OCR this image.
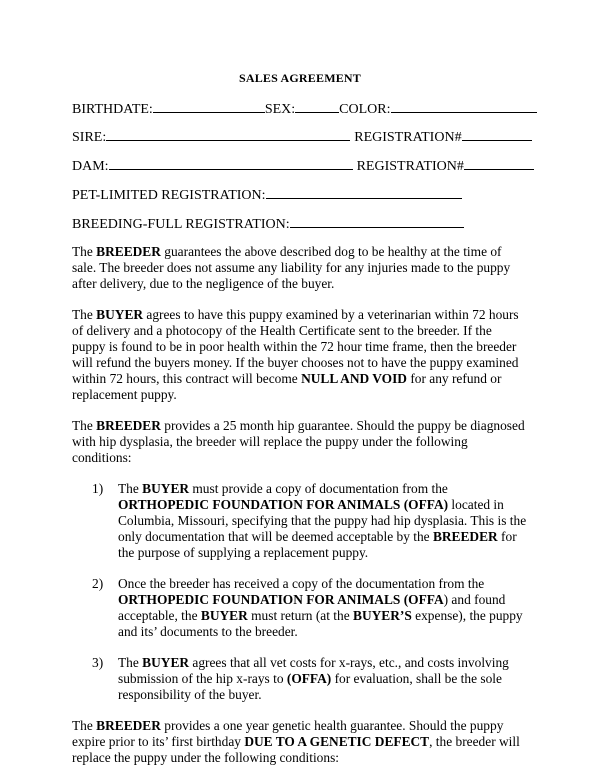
SALES AGREEMENT
BIRTHDATE:	SEX:	COLOR:
SIRE:	REGISTRATION#
DAM:	REGISTRATION#
PET-LIMITED REGISTRATION:
BREEDING-FULL REGISTRATION:

The BREEDER guarantees the above described dog to be healthy at the time of sale. The breeder does not assume any liability for any injuries made to the puppy after delivery, due to the negligence of the buyer.

The BUYER agrees to have this puppy examined by a veterinarian within 72 hours of delivery and a photocopy of the Health Certificate sent to the breeder. If the puppy is found to be in poor health within the 72 hour time frame, then the breeder will refund the buyers money. If the buyer chooses not to have the puppy examined within 72 hours, this contract will become NULL AND VOID for any refund or replacement puppy.

The BREEDER provides a 25 month hip guarantee. Should the puppy be diagnosed with hip dysplasia, the breeder will replace the puppy under the following conditions:

1) The BUYER must provide a copy of documentation from the ORTHOPEDIC FOUNDATION FOR ANIMALS (OFFA) located in Columbia, Missouri, specifying that the puppy had hip dysplasia. This is the only documentation that will be deemed acceptable by the BREEDER for the purpose of supplying a replacement puppy.
2) Once the breeder has received a copy of the documentation from the ORTHOPEDIC FOUNDATION FOR ANIMALS (OFFA) and found acceptable, the BUYER must return (at the BUYER’S expense), the puppy and its’ documents to the breeder.
3) The BUYER agrees that all vet costs for x-rays, etc., and costs involving submission of the hip x-rays to (OFFA) for evaluation, shall be the sole responsibility of the buyer.

The BREEDER provides a one year genetic health guarantee. Should the puppy expire prior to its’ first birthday DUE TO A GENETIC DEFECT, the breeder will replace the puppy under the following conditions:
